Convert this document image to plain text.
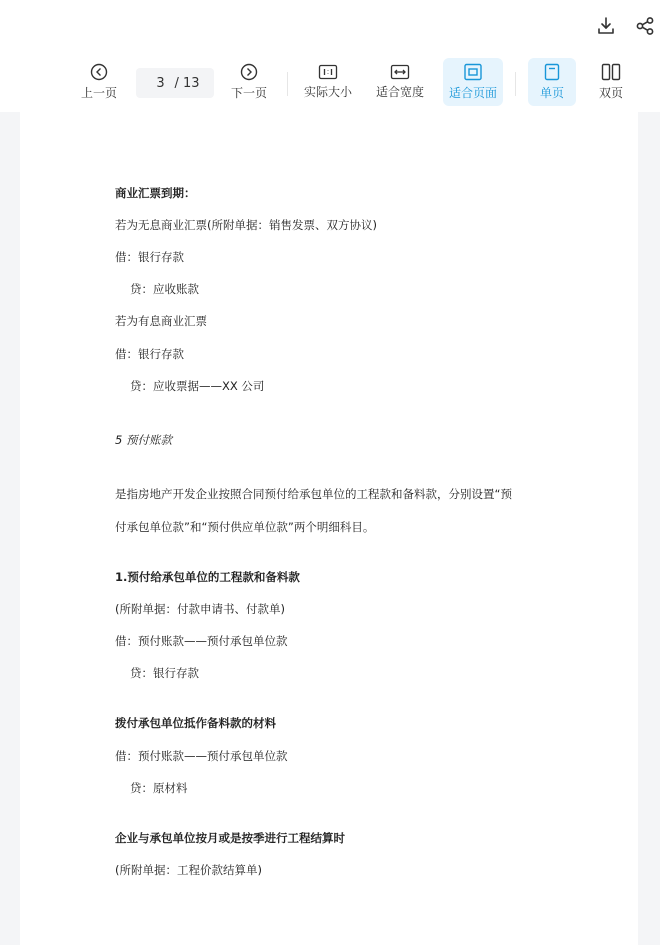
上一页
3 / 13
下一页	实际大小 适合宽度 适合页面	单页	双页
商业汇票到期：
若为无息商业汇票(所附单据：销售发票、双方协议)
借：银行存款
贷：应收账款
若为有息商业汇票
借：银行存款
贷：应收票据——XX 公司
5 预付账款
是指房地产开发企业按照合同预付给承包单位的工程款和备料款，分别设置“预
付承包单位款”和“预付供应单位款”两个明细科目。
1.预付给承包单位的工程款和备料款
(所附单据：付款申请书、付款单)
借：预付账款——预付承包单位款
贷：银行存款
拨付承包单位抵作备料款的材料
借：预付账款——预付承包单位款
贷：原材料
企业与承包单位按月或是按季进行工程结算时
(所附单据：工程价款结算单)
